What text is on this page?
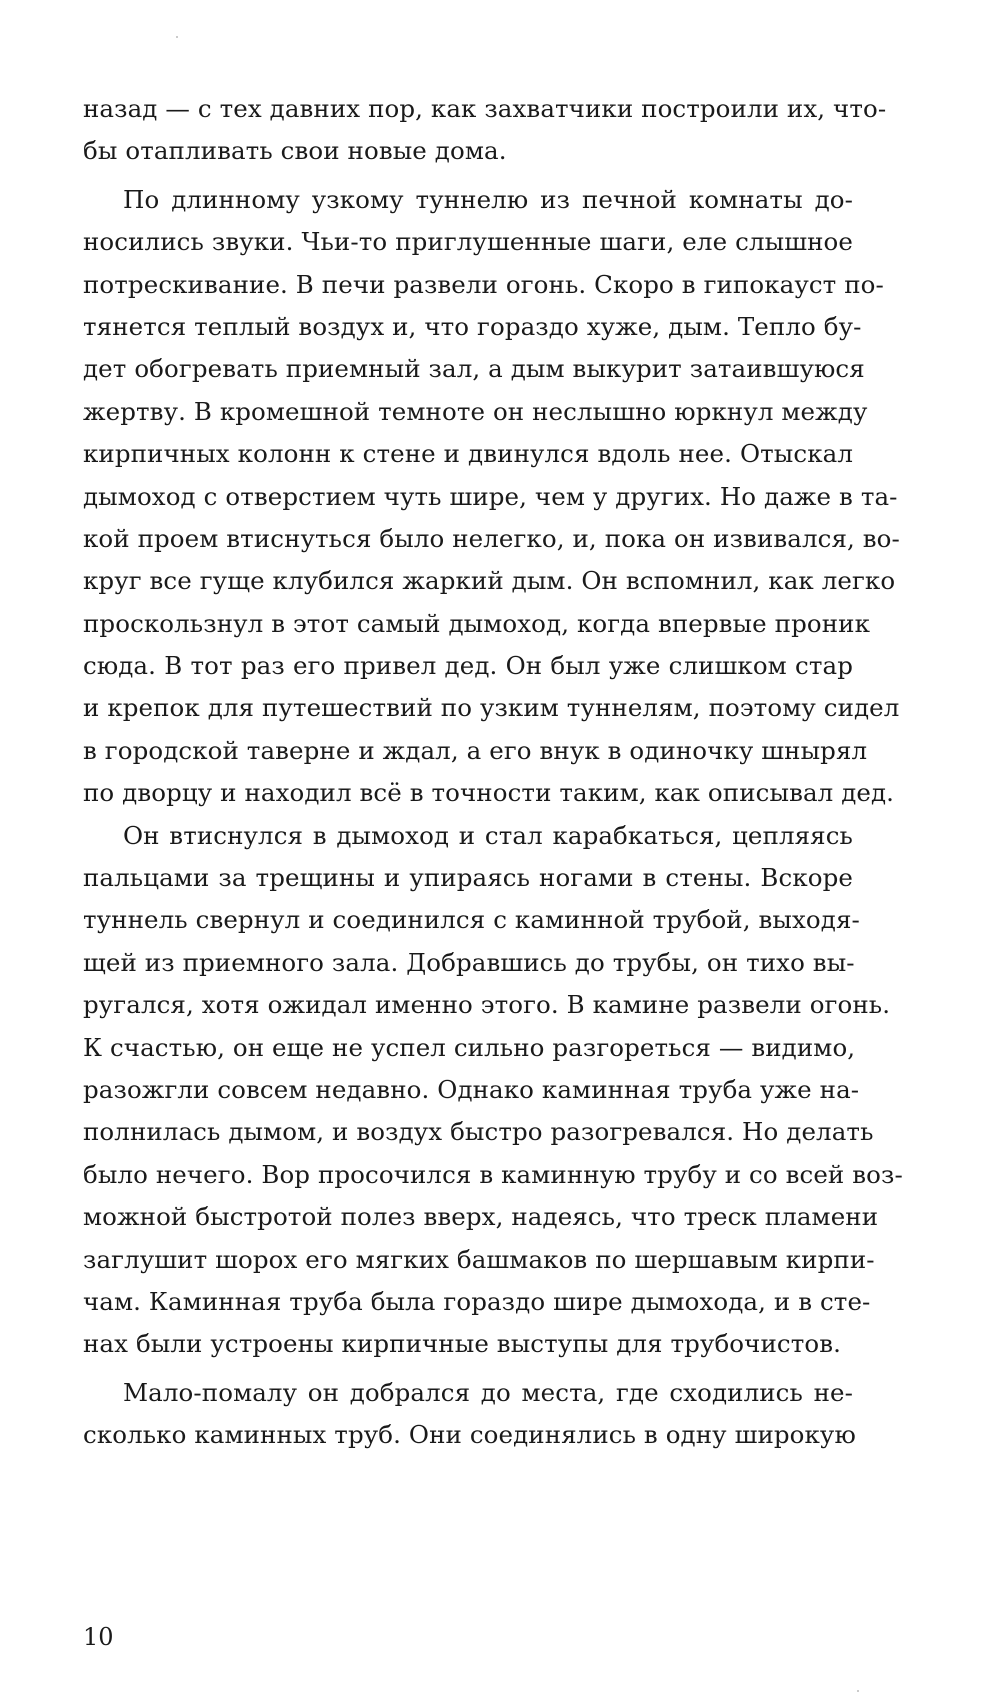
назад — с тех давних пор, как захватчики построили их, что-
бы отапливать свои новые дома.
По длинному узкому туннелю из печной комнаты до-
носились звуки. Чьи-то приглушенные шаги, еле слышное
потрескивание. В печи развели огонь. Скоро в гипокауст по-
тянется теплый воздух и, что гораздо хуже, дым. Тепло бу-
дет обогревать приемный зал, а дым выкурит затаившуюся
жертву. В кромешной темноте он неслышно юркнул между
кирпичных колонн к стене и двинулся вдоль нее. Отыскал
дымоход с отверстием чуть шире, чем у других. Но даже в та-
кой проем втиснуться было нелегко, и, пока он извивался, во-
круг все гуще клубился жаркий дым. Он вспомнил, как легко
проскользнул в этот самый дымоход, когда впервые проник
сюда. В тот раз его привел дед. Он был уже слишком стар
и крепок для путешествий по узким туннелям, поэтому сидел
в городской таверне и ждал, а его внук в одиночку шнырял
по дворцу и находил всё в точности таким, как описывал дед.
Он втиснулся в дымоход и стал карабкаться, цепляясь
пальцами за трещины и упираясь ногами в стены. Вскоре
туннель свернул и соединился с каминной трубой, выходя-
щей из приемного зала. Добравшись до трубы, он тихо вы-
ругался, хотя ожидал именно этого. В камине развели огонь.
К счастью, он еще не успел сильно разгореться — видимо,
разожгли совсем недавно. Однако каминная труба уже на-
полнилась дымом, и воздух быстро разогревался. Но делать
было нечего. Вор просочился в каминную трубу и со всей воз-
можной быстротой полез вверх, надеясь, что треск пламени
заглушит шорох его мягких башмаков по шершавым кирпи-
чам. Каминная труба была гораздо шире дымохода, и в сте-
нах были устроены кирпичные выступы для трубочистов.
Мало-помалу он добрался до места, где сходились не-
сколько каминных труб. Они соединялись в одну широкую
10
